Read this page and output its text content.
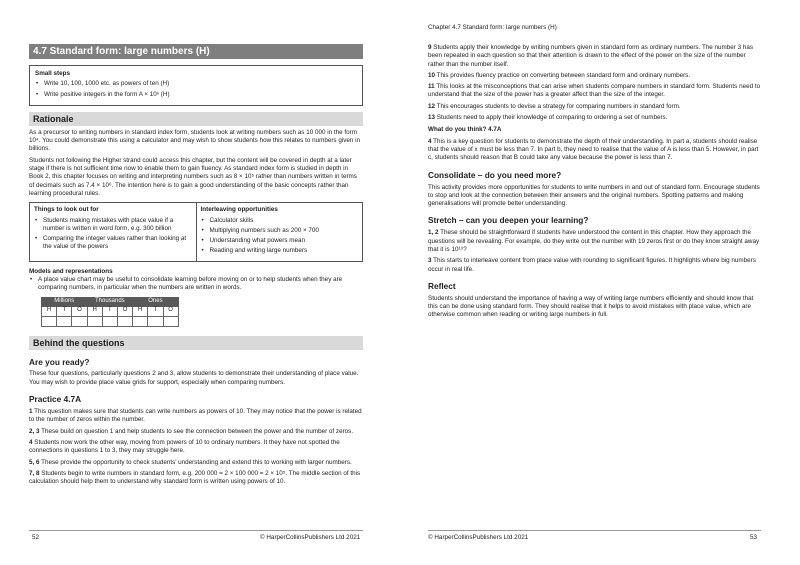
4.7 Standard form: large numbers (H)
Small steps
• Write 10, 100, 1000 etc. as powers of ten (H)
• Write positive integers in the form A × 10ⁿ (H)
Rationale

As a precursor to writing numbers in standard index form, students look at writing numbers such as 10 000 in the form 10⁴. You could demonstrate this using a calculator and may wish to show students how this relates to numbers given in billions.

Students not following the Higher strand could access this chapter, but the content will be covered in depth at a later stage if there is not sufficient time now to enable them to gain fluency. As standard index form is studied in depth in Book 2, this chapter focuses on writing and interpreting numbers such as 8 × 10⁵ rather than numbers written in terms of decimals such as 7.4 × 10⁶. The intention here is to gain a good understanding of the basic concepts rather than learning procedural rules.

Things to look out for
• Students making mistakes with place value if a number is written in word form, e.g. 300 billion
• Comparing the integer values rather than looking at the value of the powers
Interleaving opportunities
• Calculator skills
• Multiplying numbers such as 200 × 700
• Understanding what powers mean
• Reading and writing large numbers
Models and representations
• A place value chart may be useful to consolidate learning before moving on or to help students when they are comparing numbers, in particular when the numbers are written in words.
Millions			Thousands			Ones		
H	T	O	H	T	O	H	T	O

Behind the questions
Are you ready?

These four questions, particularly questions 2 and 3, allow students to demonstrate their understanding of place value. You may wish to provide place value grids for support, especially when comparing numbers.

Practice 4.7A

1 This question makes sure that students can write numbers as powers of 10. They may notice that the power is related to the number of zeros within the number.

2, 3 These build on question 1 and help students to see the connection between the power and the number of zeros.

4 Students now work the other way, moving from powers of 10 to ordinary numbers. It they have not spotted the connections in questions 1 to 3, they may struggle here.

5, 6 These provide the opportunity to check students' understanding and extend this to working with larger numbers.

7, 8 Students begin to write numbers in standard form, e.g. 200 000 = 2 × 100 000 = 2 × 10⁵. The middle section of this calculation should help them to understand why standard form is written using powers of 10.

52	© HarperCollinsPublishers Ltd 2021
Chapter 4.7 Standard form: large numbers (H)

9 Students apply their knowledge by writing numbers given in standard form as ordinary numbers. The number 3 has been repeated in each question so that their attention is drawn to the effect of the power on the size of the number rather than the number itself.

10 This provides fluency practice on converting between standard form and ordinary numbers.

11 This looks at the misconceptions that can arise when students compare numbers in standard form. Students need to understand that the size of the power has a greater affect than the size of the integer.

12 This encourages students to devise a strategy for comparing numbers in standard form.

13 Students need to apply their knowledge of comparing to ordering a set of numbers.

What do you think? 4.7A

4 This is a key question for students to demonstrate the depth of their understanding. In part a, students should realise that the value of x must be less than 7. In part b, they need to realise that the value of A is less than 5. However, in part c, students should reason that B could take any value because the power is less than 7.

Consolidate – do you need more?

This activity provides more opportunities for students to write numbers in and out of standard form. Encourage students to stop and look at the connection between their answers and the original numbers. Spotting patterns and making generalisations will promote better understanding.

Stretch – can you deepen your learning?

1, 2 These should be straightforward if students have understood the content in this chapter. How they approach the questions will be revealing. For example, do they write out the number with 19 zeros first or do they know straight away that it is 10¹⁹?

3 This starts to interleave content from place value with rounding to significant figures. It highlights where big numbers occur in real life.

Reflect

Students should understand the importance of having a way of writing large numbers efficiently and should know that this can be done using standard form. They should realise that it helps to avoid mistakes with place value, which are otherwise common when reading or writing large numbers in full.

© HarperCollinsPublishers Ltd 2021	53
